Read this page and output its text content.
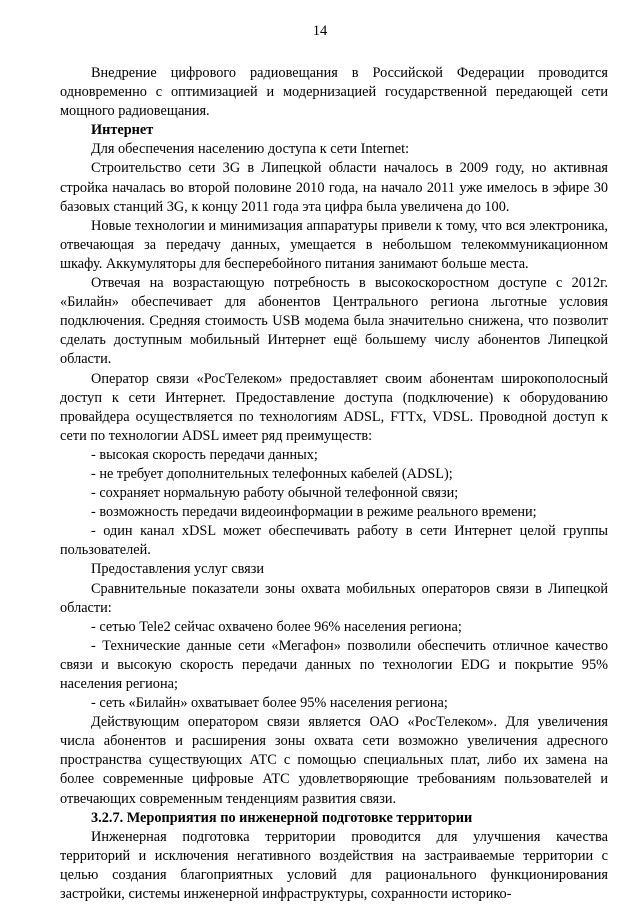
14

Внедрение цифрового радиовещания в Российской Федерации проводится одновременно с оптимизацией и модернизацией государственной передающей сети мощного радиовещания.

Интернет

Для обеспечения населению доступа к сети Internet:

Строительство сети 3G в Липецкой области началось в 2009 году, но активная стройка началась во второй половине 2010 года, на начало 2011 уже имелось в эфире 30 базовых станций 3G, к концу 2011 года эта цифра была увеличена до 100.

Новые технологии и минимизация аппаратуры привели к тому, что вся электроника, отвечающая за передачу данных, умещается в небольшом телекоммуникационном шкафу. Аккумуляторы для бесперебойного питания занимают больше места.

Отвечая на возрастающую потребность в высокоскоростном доступе с 2012г. «Билайн» обеспечивает для абонентов Центрального региона льготные условия подключения. Средняя стоимость USB модема была значительно снижена, что позволит сделать доступным мобильный Интернет ещё большему числу абонентов Липецкой области.

Оператор связи «РосТелеком» предоставляет своим абонентам широкополосный доступ к сети Интернет. Предоставление доступа (подключение) к оборудованию провайдера осуществляется по технологиям ADSL, FTTx, VDSL. Проводной доступ к сети по технологии ADSL имеет ряд преимуществ:

- высокая скорость передачи данных;

- не требует дополнительных телефонных кабелей (ADSL);

- сохраняет нормальную работу обычной телефонной связи;

- возможность передачи видеоинформации в режиме реального времени;

- один канал xDSL может обеспечивать работу в сети Интернет целой группы пользователей.

Предоставления услуг связи

Сравнительные показатели зоны охвата мобильных операторов связи в Липецкой области:

- сетью Tele2 сейчас охвачено более 96% населения региона;

- Технические данные сети «Мегафон» позволили обеспечить отличное качество связи и высокую скорость передачи данных по технологии EDG и покрытие 95% населения региона;

- сеть «Билайн» охватывает более 95% населения региона;

Действующим оператором связи является ОАО «РосТелеком». Для увеличения числа абонентов и расширения зоны охвата сети возможно увеличения адресного пространства существующих АТС с помощью специальных плат, либо их замена на более современные цифровые АТС удовлетворяющие требованиям пользователей и отвечающих современным тенденциям развития связи.

3.2.7. Мероприятия по инженерной подготовке территории

Инженерная подготовка территории проводится для улучшения качества территорий и исключения негативного воздействия на застраиваемые территории с целью создания благоприятных условий для рационального функционирования застройки, системы инженерной инфраструктуры, сохранности историко-
